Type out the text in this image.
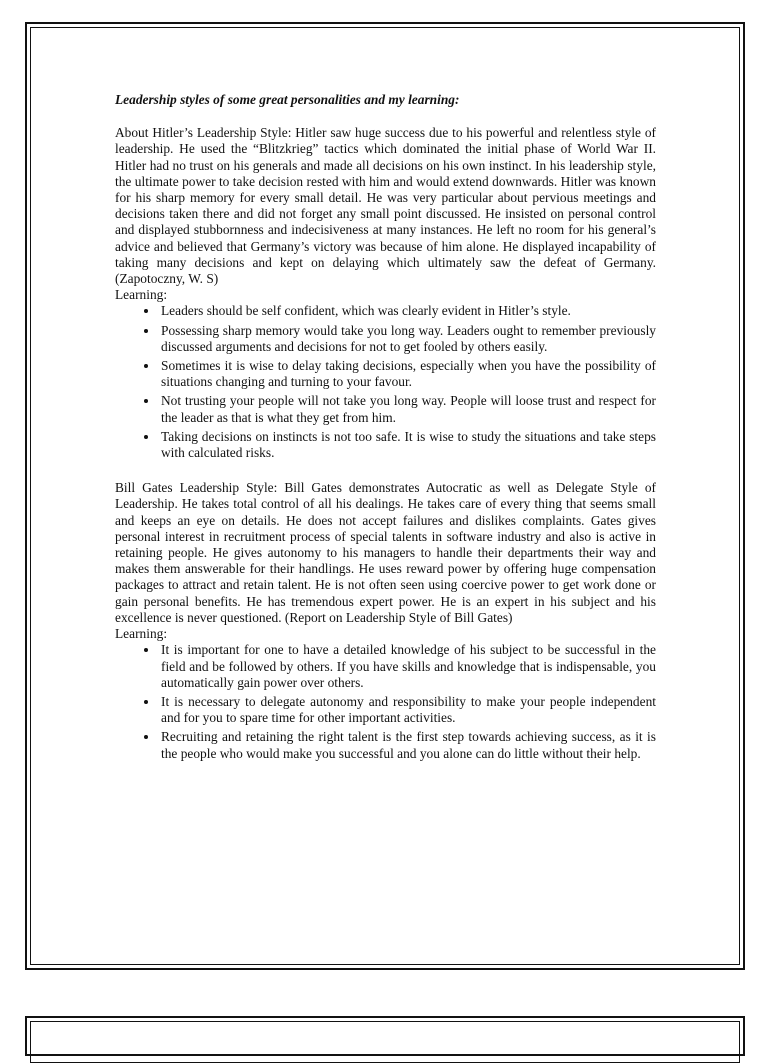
Leadership styles of some great personalities and my learning:

About Hitler’s Leadership Style: Hitler saw huge success due to his powerful and relentless style of leadership. He used the “Blitzkrieg” tactics which dominated the initial phase of World War II. Hitler had no trust on his generals and made all decisions on his own instinct. In his leadership style, the ultimate power to take decision rested with him and would extend downwards. Hitler was known for his sharp memory for every small detail. He was very particular about pervious meetings and decisions taken there and did not forget any small point discussed. He insisted on personal control and displayed stubbornness and indecisiveness at many instances. He left no room for his general’s advice and believed that Germany’s victory was because of him alone. He displayed incapability of taking many decisions and kept on delaying which ultimately saw the defeat of Germany. (Zapotoczny, W. S)

Learning:
• Leaders should be self confident, which was clearly evident in Hitler’s style.
• Possessing sharp memory would take you long way. Leaders ought to remember previously discussed arguments and decisions for not to get fooled by others easily.
• Sometimes it is wise to delay taking decisions, especially when you have the possibility of situations changing and turning to your favour.
• Not trusting your people will not take you long way. People will loose trust and respect for the leader as that is what they get from him.
• Taking decisions on instincts is not too safe. It is wise to study the situations and take steps with calculated risks.

Bill Gates Leadership Style: Bill Gates demonstrates Autocratic as well as Delegate Style of Leadership. He takes total control of all his dealings. He takes care of every thing that seems small and keeps an eye on details. He does not accept failures and dislikes complaints. Gates gives personal interest in recruitment process of special talents in software industry and also is active in retaining people. He gives autonomy to his managers to handle their departments their way and makes them answerable for their handlings. He uses reward power by offering huge compensation packages to attract and retain talent. He is not often seen using coercive power to get work done or gain personal benefits. He has tremendous expert power. He is an expert in his subject and his excellence is never questioned. (Report on Leadership Style of Bill Gates)

Learning:
• It is important for one to have a detailed knowledge of his subject to be successful in the field and be followed by others. If you have skills and knowledge that is indispensable, you automatically gain power over others.
• It is necessary to delegate autonomy and responsibility to make your people independent and for you to spare time for other important activities.
• Recruiting and retaining the right talent is the first step towards achieving success, as it is the people who would make you successful and you alone can do little without their help.
